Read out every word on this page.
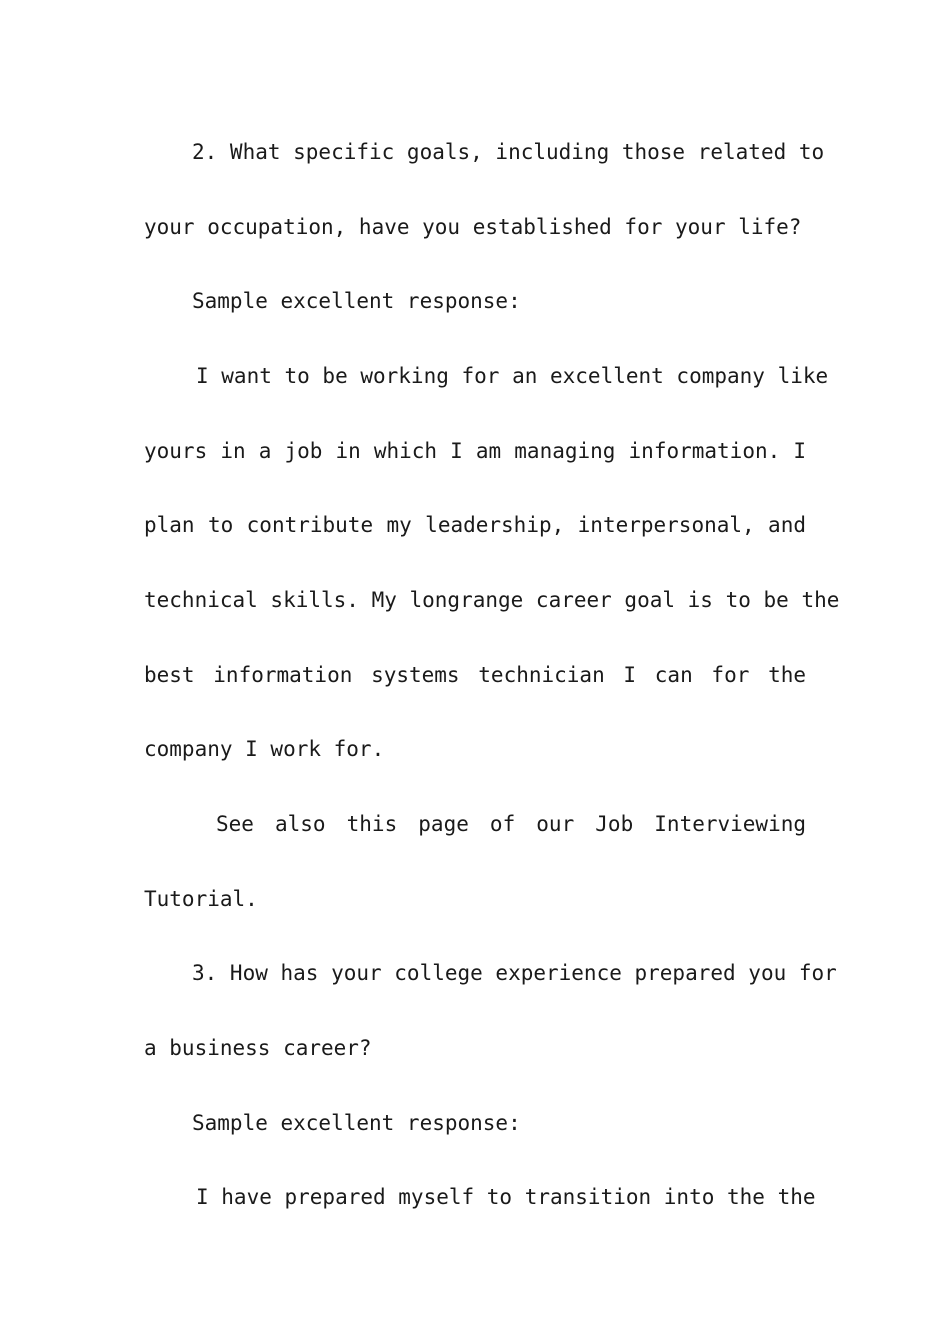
2. What specific goals, including those related to
your occupation, have you established for your life?
Sample excellent response:
I want to be working for an excellent company like
yours in a job in which I am managing information. I
plan to contribute my leadership, interpersonal, and
technical skills. My longrange career goal is to be the
best information systems technician I can for the
company I work for.
See also this page of our Job Interviewing
Tutorial.
3. How has your college experience prepared you for
a business career?
Sample excellent response:
I have prepared myself to transition into the the
